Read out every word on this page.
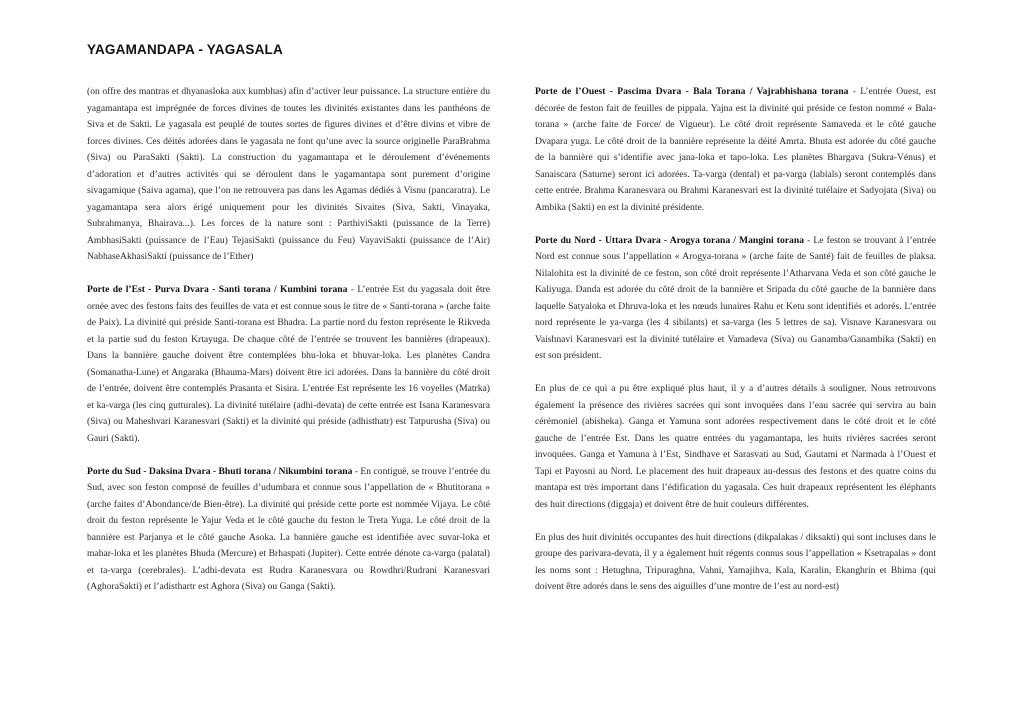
YAGAMANDAPA - YAGASALA

(on offre des mantras et dhyanasloka aux kumbhas) afin d’activer leur puissance. La structure entière du yagamantapa est imprégnée de forces divines de toutes les divinités existantes dans les panthéons de Siva et de Sakti. Le yagasala est peuplé de toutes sortes de figures divines et d’être divins et vibre de forces divines. Ces déités adorées dans le yagasala ne font qu’une avec la source originelle ParaBrahma (Siva) ou ParaSakti (Sakti). La construction du yagamantapa et le déroulement d’événements d’adoration et d’autres activités qui se déroulent dans le yagamantapa sont purement d’origine sivagamique (Saiva agama), que l’on ne retrouvera pas dans les Agamas dédiés à Visnu (pancaratra). Le yagamantapa sera alors érigé uniquement pour les divinités Sivaites (Siva, Sakti, Vinayaka, Subrahmanya, Bhairava...). Les forces de la nature sont : ParthiviSakti (puissance de la Terre) AmbhasiSakti (puissance de l’Eau) TejasiSakti (puissance du Feu) VayaviSakti (puissance de l’Air) NabhaseAkhasiSakti (puissance de l’Ether)

Porte de l’Est - Purva Dvara - Santi torana / Kumbini torana - L’entrée Est du yagasala doit être ornée avec des festons faits des feuilles de vata et est connue sous le titre de « Santi-torana » (arche faite de Paix). La divinité qui préside Santi-torana est Bhadra. La partie nord du feston représente le Rikveda et la partie sud du feston Krtayuga. De chaque côté de l’entrée se trouvent les bannières (drapeaux). Dans la bannière gauche doivent être contemplées bhu-loka et bhuvar-loka. Les planètes Candra (Somanatha-Lune) et Angaraka (Bhauma-Mars) doivent être ici adorées. Dans la bannière du côté droit de l’entrée, doivent être contemplés Prasanta et Sisira. L’entrée Est représente les 16 voyelles (Matrka) et ka-varga (les cinq gutturales). La divinité tutélaire (adhi-devata) de cette entrée est Isana Karanesvara (Siva) ou Maheshvari Karanesvari (Sakti) et la divinité qui préside (adhisthatr) est Tatpurusha (Siva) ou Gauri (Sakti).

Porte du Sud - Daksina Dvara - Bhuti torana / Nikumbini torana - En contiguë, se trouve l’entrée du Sud, avec son feston composé de feuilles d’udumbara et connue sous l’appellation de « Bhutitorana » (arche faites d’Abondance/de Bien-être). La divinité qui préside cette porte est nommée Vijaya. Le côté droit du feston représente le Yajur Veda et le côté gauche du feston le Treta Yuga. Le côté droit de la bannière est Parjanya et le côté gauche Asoka. La bannière gauche est identifiée avec suvar-loka et mahar-loka et les planètes Bhuda (Mercure) et Brhaspati (Jupiter). Cette entrée dénote ca-varga (palatal) et ta-varga (cerebrales). L’adhi-devata est Rudra Karanesvara ou Rowdhri/Rudrani Karanesvari (AghoraSakti) et l’adisthartr est Aghora (Siva) ou Ganga (Sakti).

Porte de l’Ouest - Pascima Dvara - Bala Torana / Vajrabhishana torana - L’entrée Ouest, est décorée de feston fait de feuilles de pippala. Yajna est la divinité qui préside ce feston nommé « Bala-torana » (arche faite de Force/ de Vigueur). Le côté droit représente Samaveda et le côté gauche Dvapara yuga. Le côté droit de la bannière représente la déité Amrta. Bhuta est adorée du côté gauche de la bannière qui s’identifie avec jana-loka et tapo-loka. Les planètes Bhargava (Sukra-Vénus) et Sanaiscara (Saturne) seront ici adorées. Ta-varga (dental) et pa-varga (labials) seront contemplés dans cette entrée. Brahma Karanesvara ou Brahmi Karanesvari est la divinité tutélaire et Sadyojata (Siva) ou Ambika (Sakti) en est la divinité présidente.

Porte du Nord - Uttara Dvara - Arogya torana / Mangini torana - Le feston se trouvant à l’entrée Nord est connue sous l’appellation « Arogya-torana » (arche faite de Santé) fait de feuilles de plaksa. Nilalohita est la divinité de ce feston, son côté droit représente l’Atharvana Veda et son côté gauche le Kaliyuga. Danda est adorée du côté droit de la bannière et Sripada du côté gauche de la bannière dans laquelle Satyaloka et Dhruva-loka et les nœuds lunaires Rahu et Ketu sont identifiés et adorés. L’entrée nord représente le ya-varga (les 4 sibilants) et sa-varga (les 5 lettres de sa). Visnave Karanesvara ou Vaishnavi Karanesvari est la divinité tutélaire et Vamadeva (Siva) ou Ganamba/Ganambika (Sakti) en est son président.

En plus de ce qui a pu être expliqué plus haut, il y a d’autres détails à souligner. Nous retrouvons également la présence des rivières sacrées qui sont invoquées dans l’eau sacrée qui servira au bain cérémoniel (abisheka). Ganga et Yamuna sont adorées respectivement dans le côté droit et le côté gauche de l’entrée Est. Dans les quatre entrées du yagamantapa, les huits rivières sacrées seront invoquées. Ganga et Yamuna à l’Est, Sindhave et Sarasvati au Sud, Gautami et Narmada à l’Ouest et Tapi et Payosni au Nord. Le placement des huit drapeaux au-dessus des festons et des quatre coins du mantapa est très important dans l’édification du yagasala. Ces huit drapeaux représentent les éléphants des huit directions (diggaja) et doivent être de huit couleurs différentes.

En plus des huit divinités occupantes des huit directions (dikpalakas / diksakti) qui sont incluses dans le groupe des parivara-devata, il y a également huit régents connus sous l’appellation « Ksetrapalas » dont les noms sont : Hetughna, Tripuraghna, Vahni, Yamajihva, Kala, Karalin, Ekanghrin et Bhima (qui doivent être adorés dans le sens des aiguilles d’une montre de l’est au nord-est)
